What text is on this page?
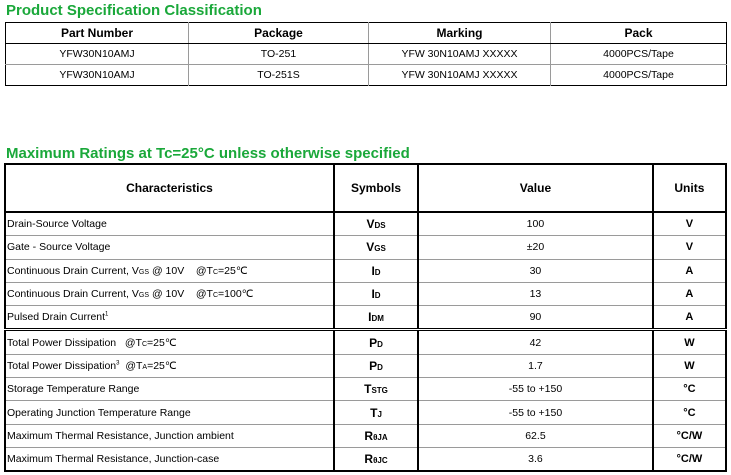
Product Specification Classification
Part Number	Package	Marking	Pack
YFW30N10AMJ	TO-251	YFW 30N10AMJ XXXXX	4000PCS/Tape
YFW30N10AMJ	TO-251S	YFW 30N10AMJ XXXXX	4000PCS/Tape
Maximum Ratings at Tc=25°C unless otherwise specified
Characteristics	Symbols	Value	Units
Drain-Source Voltage	VDS	100	V
Gate - Source Voltage	VGS	±20	V
Continuous Drain Current, VGS @ 10V    @TC=25℃	ID	30	A
Continuous Drain Current, VGS @ 10V    @TC=100℃	ID	13	A
Pulsed Drain Current$^1$	IDM	90	A
Total Power Dissipation   @TC=25℃	PD	42	W
Total Power Dissipation$^3$  @TA=25℃	PD	1.7	W
Storage Temperature Range	TSTG	-55 to +150	°C
Operating Junction Temperature Range	TJ	-55 to +150	°C
Maximum Thermal Resistance, Junction ambient	RθJA	62.5	°C/W
Maximum Thermal Resistance, Junction-case	RθJC	3.6	°C/W
